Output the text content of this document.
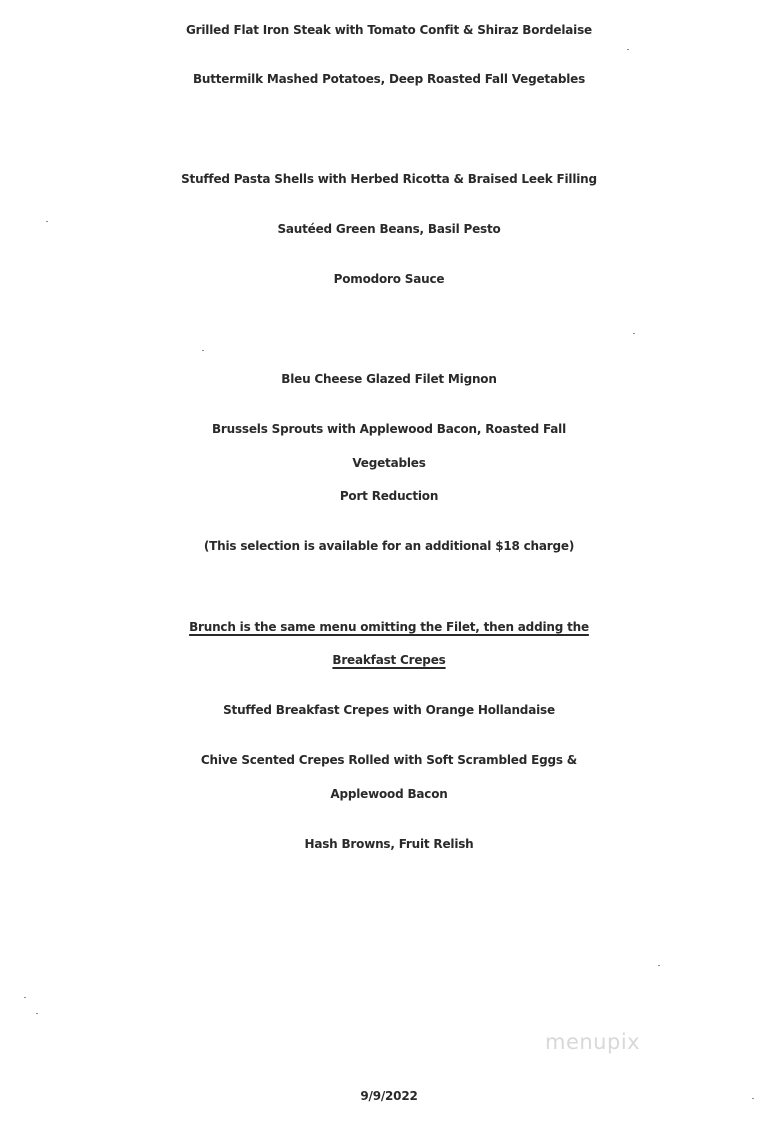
Grilled Flat Iron Steak with Tomato Confit & Shiraz Bordelaise
Buttermilk Mashed Potatoes, Deep Roasted Fall Vegetables
Stuffed Pasta Shells with Herbed Ricotta & Braised Leek Filling
Sautéed Green Beans, Basil Pesto
Pomodoro Sauce
Bleu Cheese Glazed Filet Mignon
Brussels Sprouts with Applewood Bacon, Roasted Fall
Vegetables
Port Reduction
(This selection is available for an additional $18 charge)
Brunch is the same menu omitting the Filet, then adding the
Breakfast Crepes
Stuffed Breakfast Crepes with Orange Hollandaise
Chive Scented Crepes Rolled with Soft Scrambled Eggs &
Applewood Bacon
Hash Browns, Fruit Relish
menupix
9/9/2022
